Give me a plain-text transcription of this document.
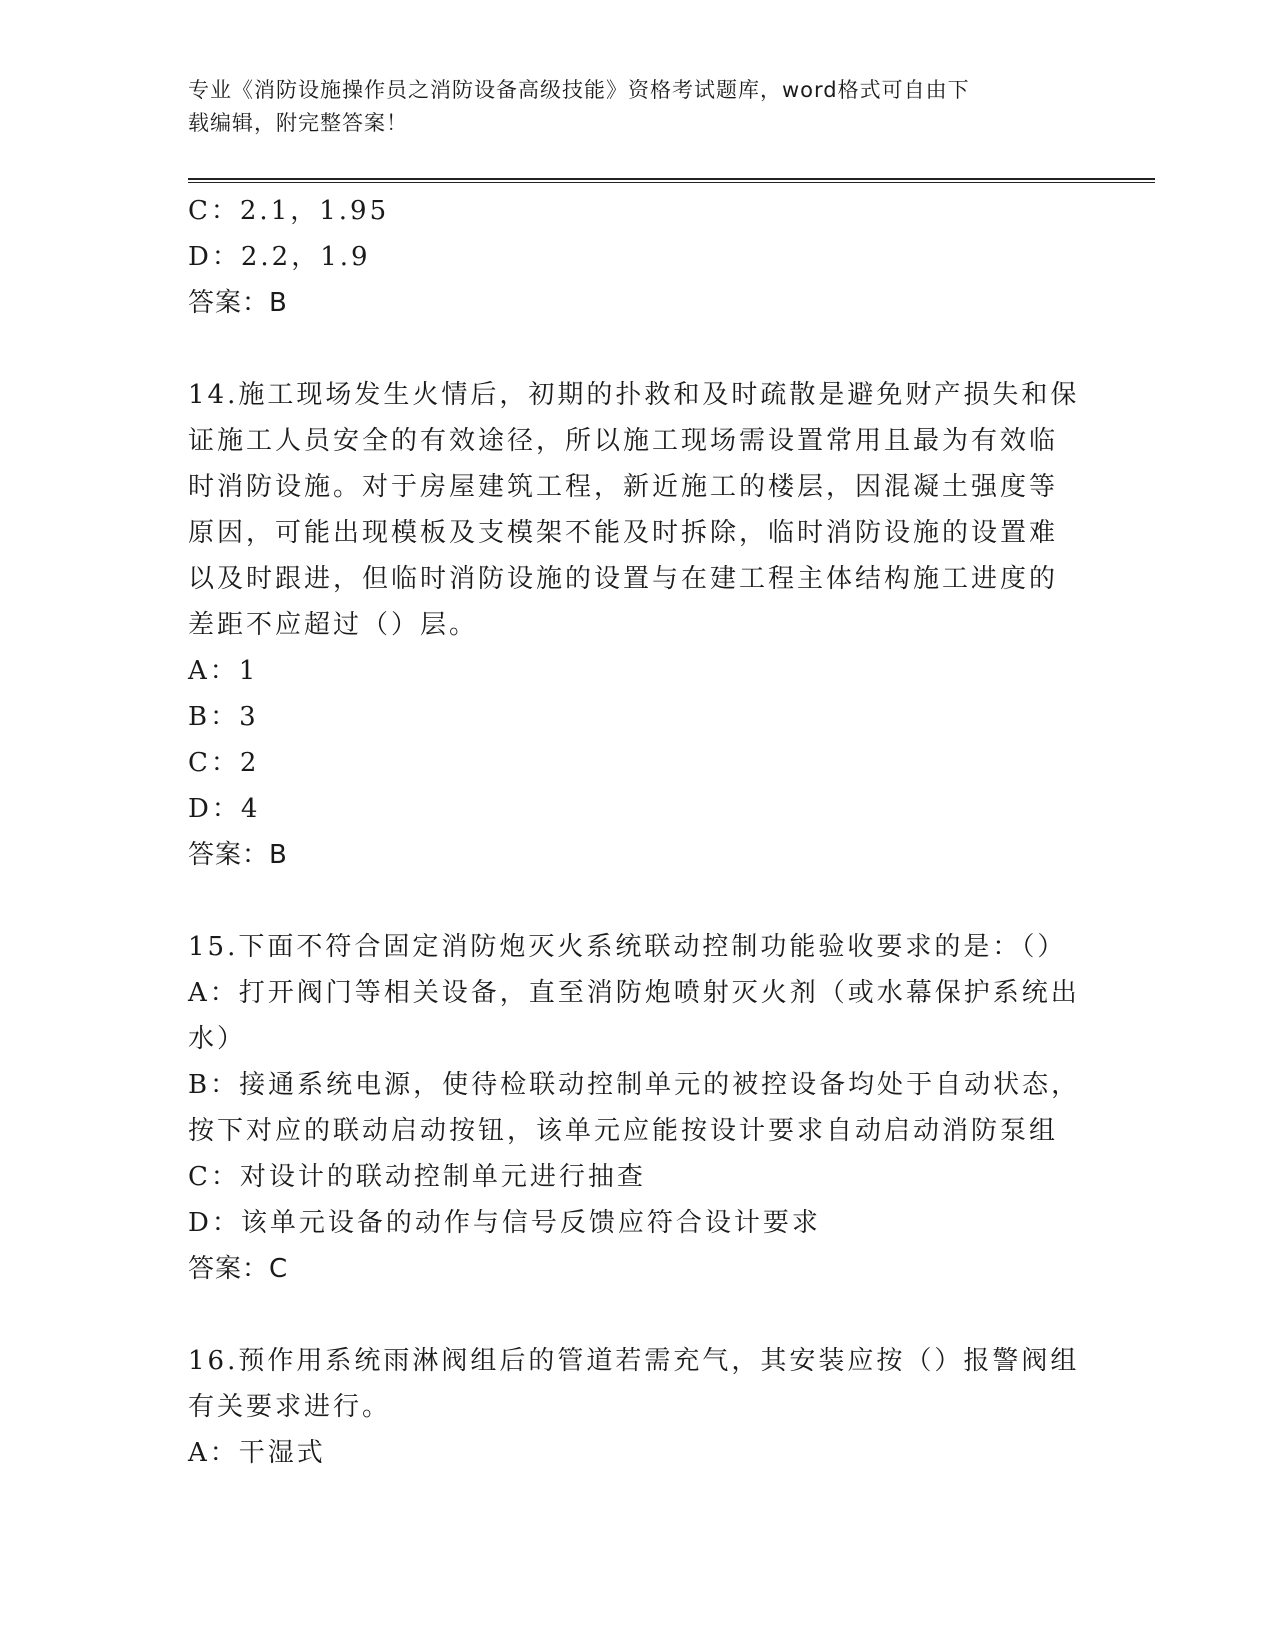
专业《消防设施操作员之消防设备高级技能》资格考试题库，word格式可自由下
载编辑，附完整答案！

C：2.1，1.95

D：2.2，1.9

答案：B

14.施工现场发生火情后，初期的扑救和及时疏散是避免财产损失和保

证施工人员安全的有效途径，所以施工现场需设置常用且最为有效临

时消防设施。对于房屋建筑工程，新近施工的楼层，因混凝土强度等

原因，可能出现模板及支模架不能及时拆除，临时消防设施的设置难

以及时跟进，但临时消防设施的设置与在建工程主体结构施工进度的

差距不应超过（）层。

A：1

B：3

C：2

D：4

答案：B

15.下面不符合固定消防炮灭火系统联动控制功能验收要求的是：（）

A：打开阀门等相关设备，直至消防炮喷射灭火剂（或水幕保护系统出

水）

B：接通系统电源，使待检联动控制单元的被控设备均处于自动状态，

按下对应的联动启动按钮，该单元应能按设计要求自动启动消防泵组

C：对设计的联动控制单元进行抽查

D：该单元设备的动作与信号反馈应符合设计要求

答案：C

16.预作用系统雨淋阀组后的管道若需充气，其安装应按（）报警阀组

有关要求进行。

A：干湿式
